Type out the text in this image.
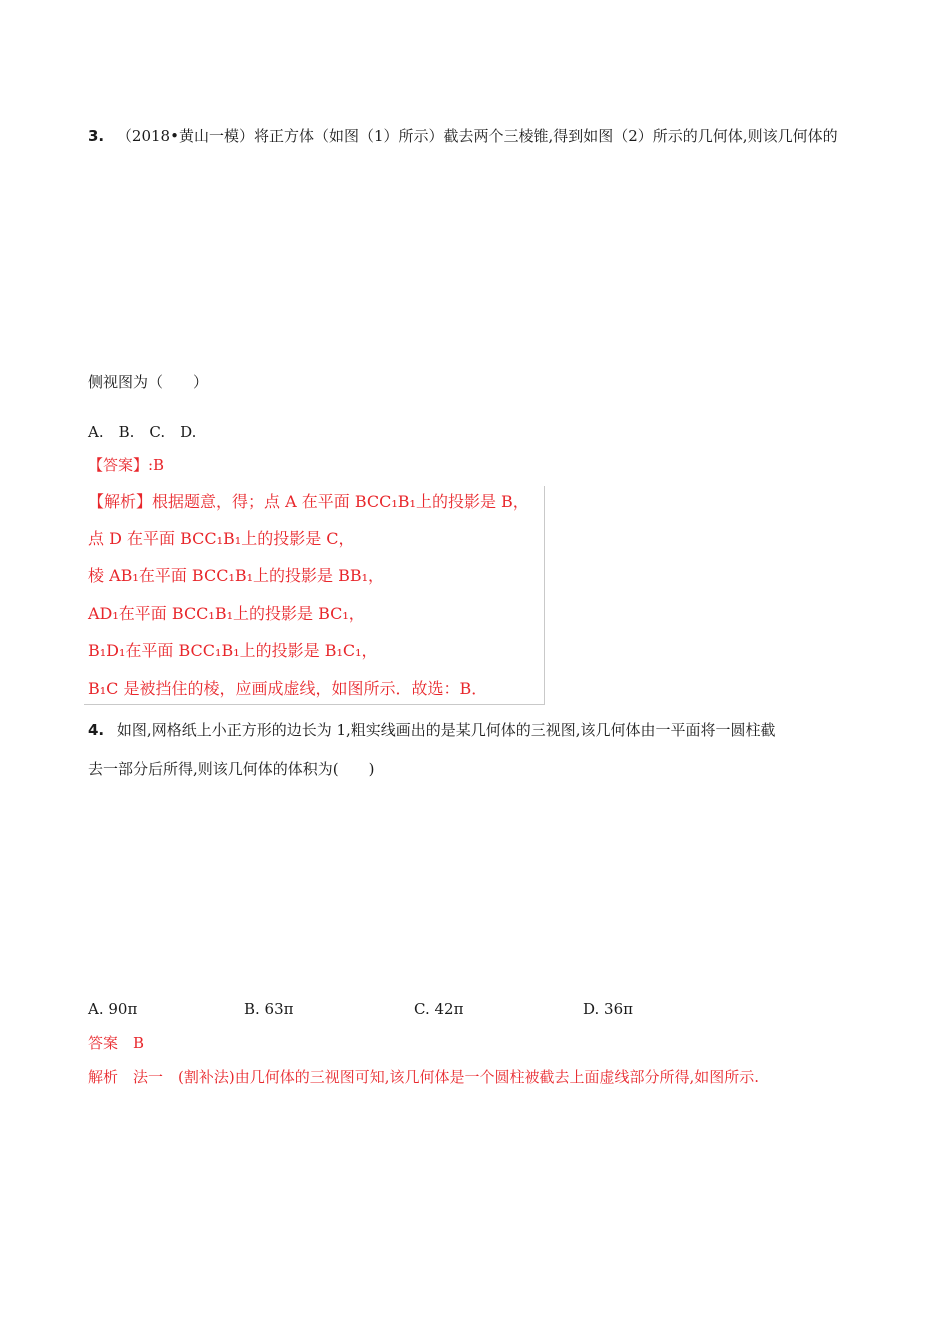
3. （2018•黄山一模）将正方体（如图（1）所示）截去两个三棱锥,得到如图（2）所示的几何体,则该几何体的
侧视图为（　　）
A.　B.　C.　D.
【答案】:B
【解析】根据题意，得；点 A 在平面 BCC₁B₁上的投影是 B，
点 D 在平面 BCC₁B₁上的投影是 C，
棱 AB₁在平面 BCC₁B₁上的投影是 BB₁，
AD₁在平面 BCC₁B₁上的投影是 BC₁，
B₁D₁在平面 BCC₁B₁上的投影是 B₁C₁，
B₁C 是被挡住的棱，应画成虚线，如图所示．故选：B．
4. 如图,网格纸上小正方形的边长为 1,粗实线画出的是某几何体的三视图,该几何体由一平面将一圆柱截
去一部分后所得,则该几何体的体积为(　　)
A. 90π	B. 63π	C. 42π	D. 36π
答案　B
解析　法一　(割补法)由几何体的三视图可知,该几何体是一个圆柱被截去上面虚线部分所得,如图所示.
